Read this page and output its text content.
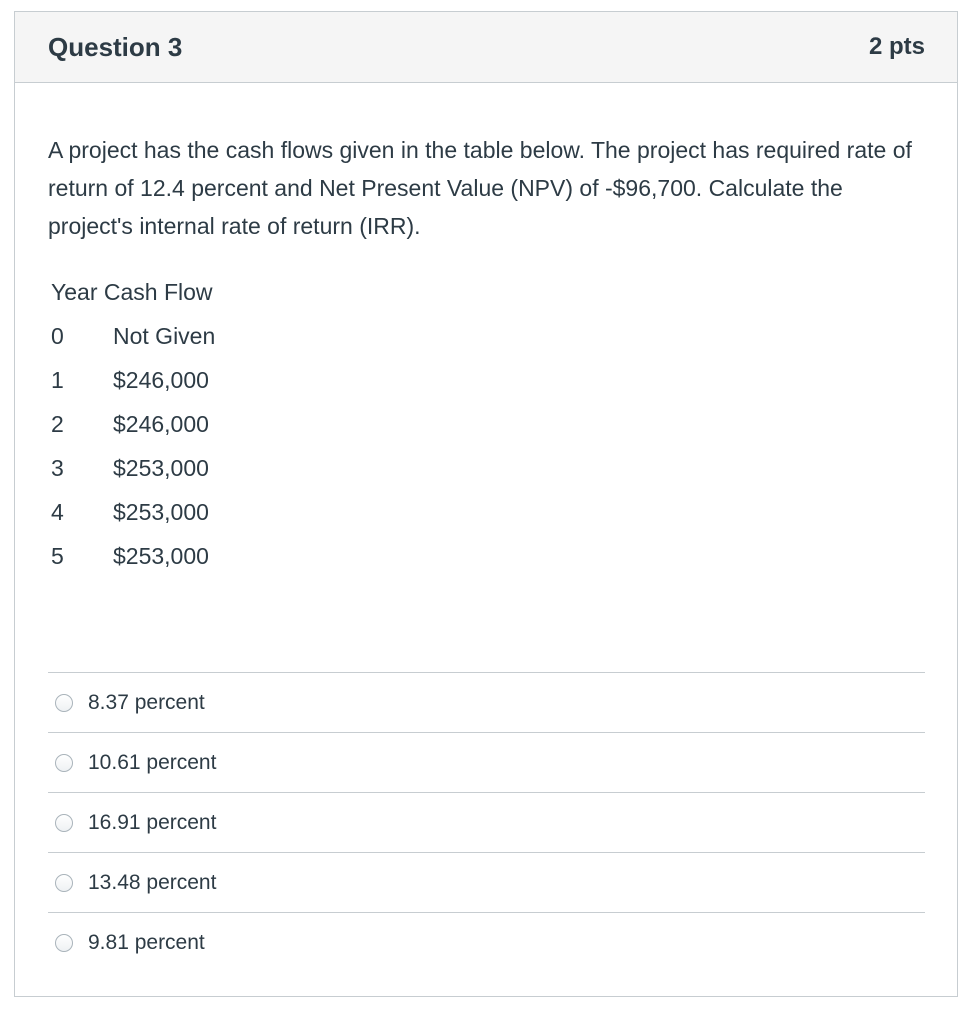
Question 3	2 pts

A project has the cash flows given in the table below. The project has required rate of return of 12.4 percent and Net Present Value (NPV) of -$96,700. Calculate the project's internal rate of return (IRR).

Year Cash Flow	
0	Not Given
1	$246,000
2	$246,000
3	$253,000
4	$253,000
5	$253,000
8.37 percent
10.61 percent
16.91 percent
13.48 percent
9.81 percent
